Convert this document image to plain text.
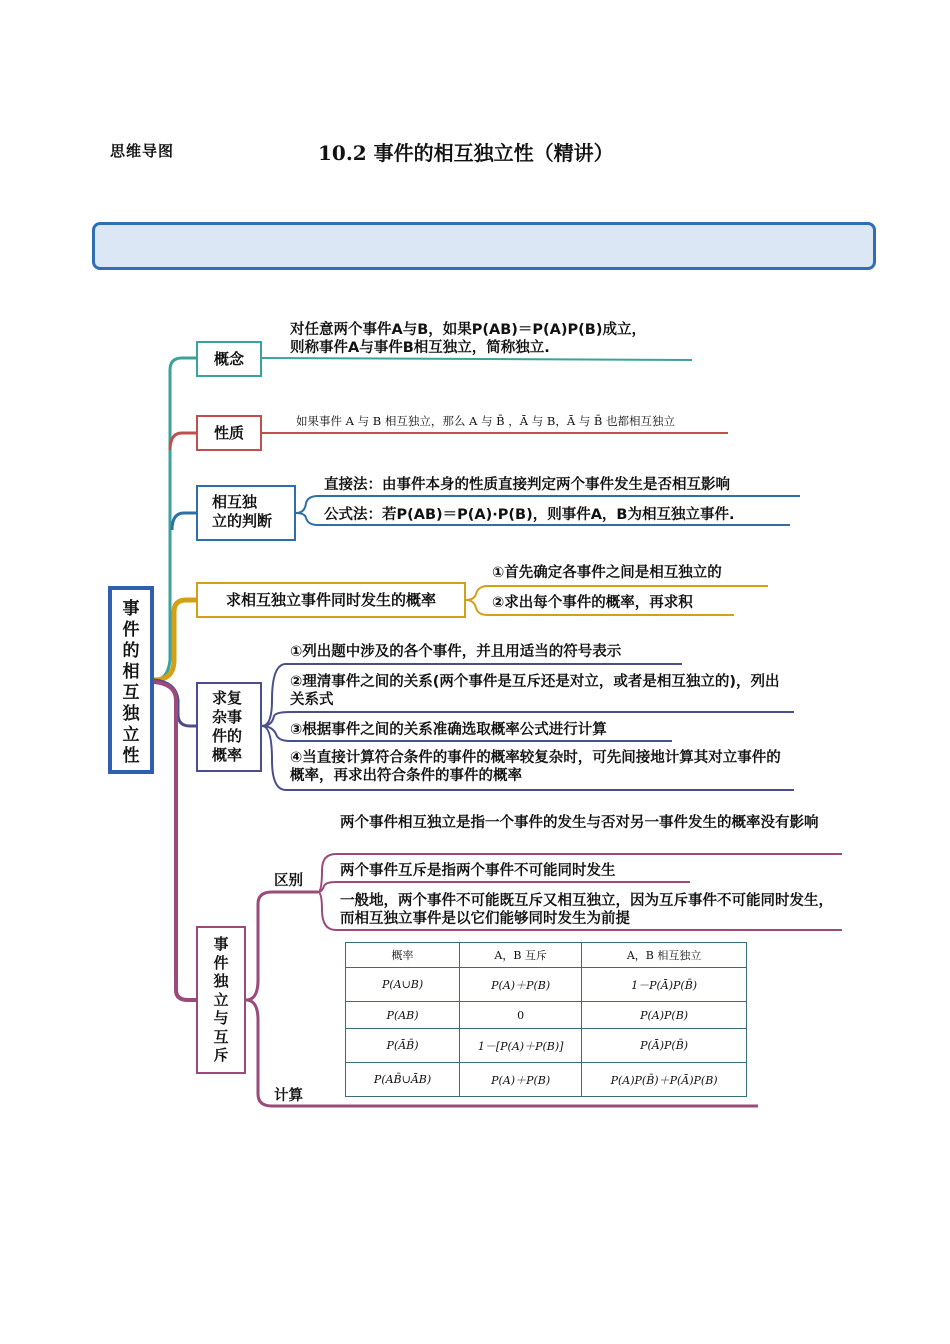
思维导图	10.2 事件的相互独立性（精讲）
事
件
的
相
互
独
立
性
概念
对任意两个事件A与B，如果P(AB)＝P(A)P(B)成立，
则称事件A与事件B相互独立，简称独立.
性质
如果事件 A 与 B 相互独立，那么 A 与 B̄ ，Ā 与 B，Ā 与 B̄ 也都相互独立
相互独
立的判断
直接法：由事件本身的性质直接判定两个事件发生是否相互影响
公式法：若P(AB)＝P(A)·P(B)，则事件A，B为相互独立事件.
求相互独立事件同时发生的概率
①首先确定各事件之间是相互独立的
②求出每个事件的概率，再求积
求复
杂事
件的
概率
①列出题中涉及的各个事件，并且用适当的符号表示
②理清事件之间的关系(两个事件是互斥还是对立，或者是相互独立的)，列出关系式
③根据事件之间的关系准确选取概率公式进行计算
④当直接计算符合条件的事件的概率较复杂时，可先间接地计算其对立事件的概率，再求出符合条件的事件的概率
事
件
独
立
与
互
斥
区别
两个事件相互独立是指一个事件的发生与否对另一事件发生的概率没有影响
两个事件互斥是指两个事件不可能同时发生
一般地，两个事件不可能既互斥又相互独立，因为互斥事件不可能同时发生，而相互独立事件是以它们能够同时发生为前提
计算
概率	A，B 互斥	A，B 相互独立
P(A∪B)	P(A)＋P(B)	1－P(Ā)P(B̄)
P(AB)	0	P(A)P(B)
P(ĀB̄)	1－[P(A)＋P(B)]	P(Ā)P(B̄)
P(AB̄∪ĀB)	P(A)＋P(B)	P(A)P(B̄)＋P(Ā)P(B)
